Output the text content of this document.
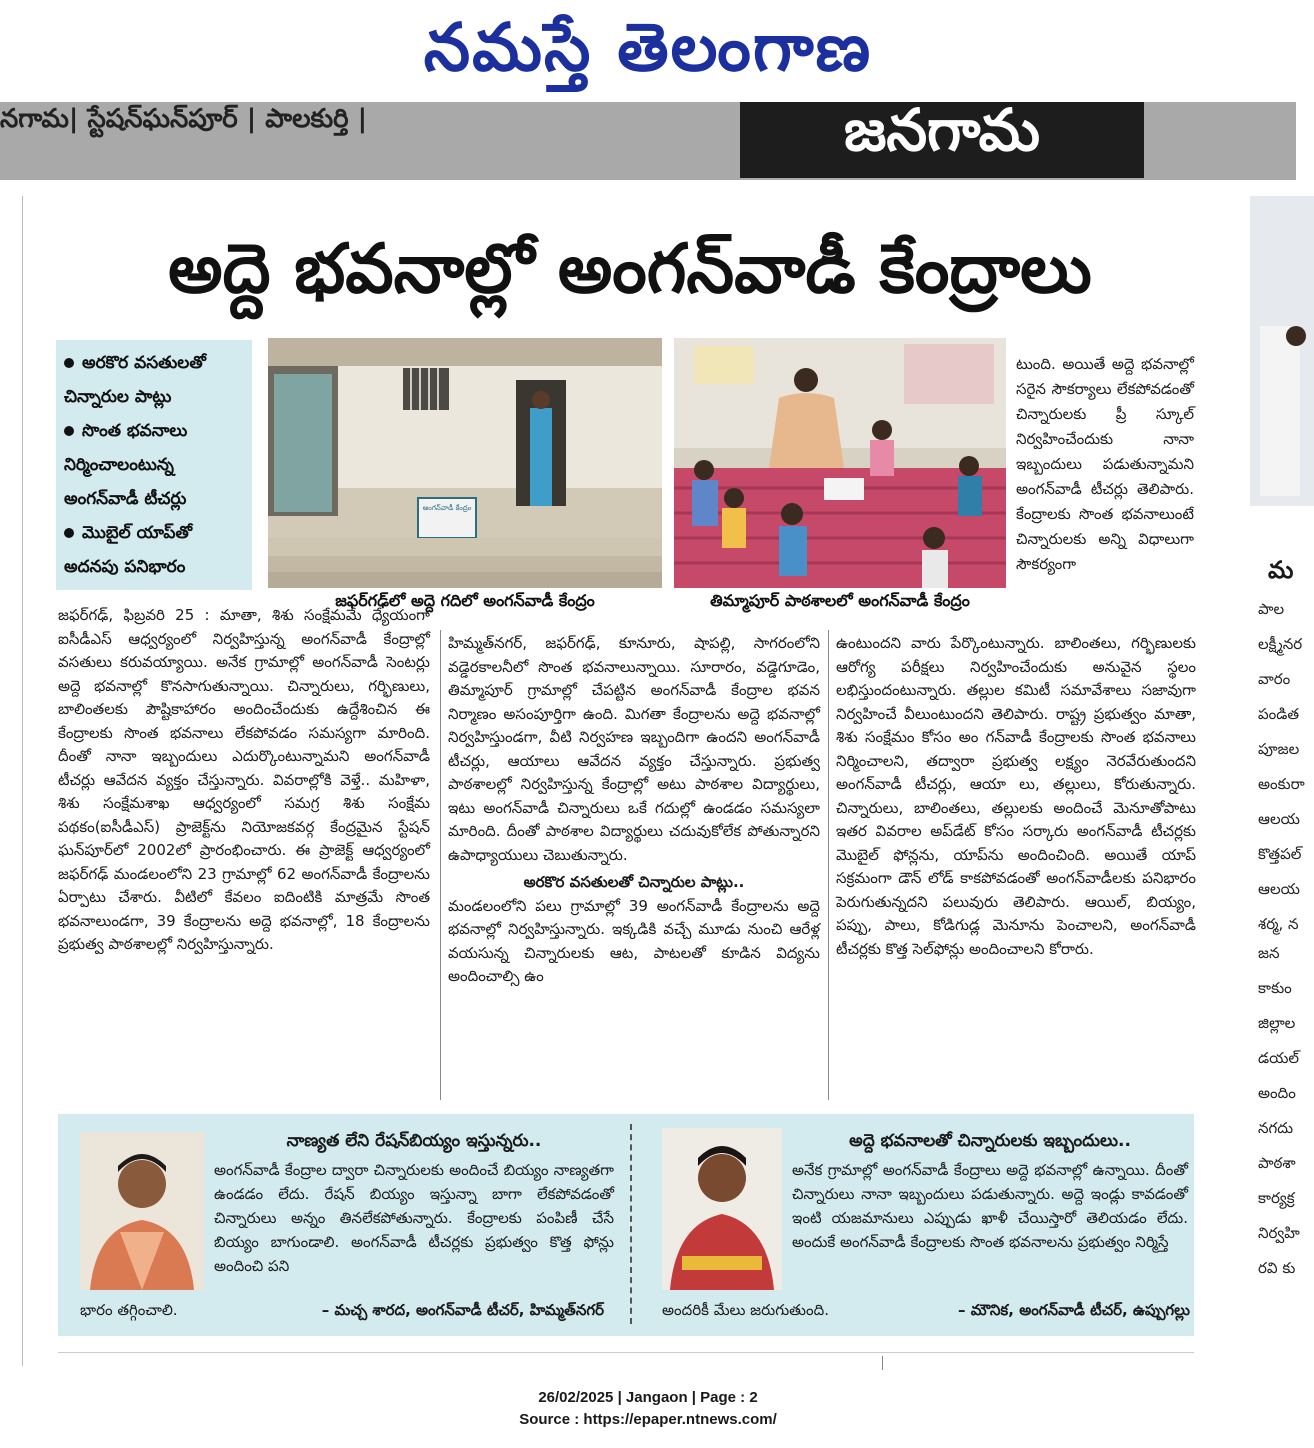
నమస్తే తెలంగాణ
నగామ| స్టేషన్‌ఘన్‌పూర్ | పాలకుర్తి |	జనగామ
అద్దె భవనాల్లో అంగన్‌వాడీ కేంద్రాలు
అరకొర వసతులతో చిన్నారుల పాట్లు
సొంత భవనాలు నిర్మించాలంటున్న అంగన్‌వాడీ టీచర్లు
మొబైల్ యాప్‌తో అదనపు పనిభారం
అంగన్‌వాడీ కేంద్రం
జఫర్‌గఢ్‌లో అద్దె గదిలో అంగన్‌వాడీ కేంద్రం	తిమ్మాపూర్ పాఠశాలలో అంగన్‌వాడీ కేంద్రం

టుంది. అయితే అద్దె భవనాల్లో సరైన సౌకర్యాలు లేకపోవడంతో చిన్నారులకు ప్రీ స్కూల్ నిర్వహించేందుకు నానా ఇబ్బందులు పడుతున్నామని అంగన్‌వాడీ టీచర్లు తెలిపారు. కేంద్రాలకు సొంత భవనాలుంటే చిన్నారులకు అన్ని విధాలుగా సౌకర్యంగా

జఫర్‌గఢ్, ఫిబ్రవరి 25 : మాతా, శిశు సంక్షేమమే ధ్యేయంగా ఐసీడీఎస్ ఆధ్వర్యంలో నిర్వహిస్తున్న అంగన్‌వాడీ కేంద్రాల్లో వసతులు కరువయ్యాయి. అనేక గ్రామాల్లో అంగన్‌వాడీ సెంటర్లు అద్దె భవనాల్లో కొనసాగుతున్నాయి. చిన్నారులు, గర్భిణులు, బాలింతలకు పౌష్టికాహారం అందించేందుకు ఉద్దేశించిన ఈ కేంద్రాలకు సొంత భవనాలు లేకపోవడం సమస్యగా మారింది. దీంతో నానా ఇబ్బందులు ఎదుర్కొంటున్నామని అంగన్‌వాడీ టీచర్లు ఆవేదన వ్యక్తం చేస్తున్నారు. వివరాల్లోకి వెళ్తే.. మహిళా, శిశు సంక్షేమశాఖ ఆధ్వర్యంలో సమగ్ర శిశు సంక్షేమ పథకం(ఐసీడీఎస్) ప్రాజెక్ట్‌ను నియోజకవర్గ కేంద్రమైన స్టేషన్ ఘన్‌పూర్‌లో 2002లో ప్రారంభించారు. ఈ ప్రాజెక్ట్ ఆధ్వర్యంలో జఫర్‌గఢ్ మండలంలోని 23 గ్రామాల్లో 62 అంగన్‌వాడీ కేంద్రాలను ఏర్పాటు చేశారు. వీటిలో కేవలం ఐదింటికి మాత్రమే సొంత భవనాలుండగా, 39 కేంద్రాలను అద్దె భవనాల్లో, 18 కేంద్రాలను ప్రభుత్వ పాఠశాలల్లో నిర్వహిస్తున్నారు.

హిమ్మత్‌నగర్, జఫర్‌గఢ్, కూనూరు, షాపల్లి, సాగరంలోని వడ్డెరకాలనీలో సొంత భవనాలున్నాయి. సూరారం, వడ్డెగూడెం, తిమ్మాపూర్ గ్రామాల్లో చేపట్టిన అంగన్‌వాడీ కేంద్రాల భవన నిర్మాణం అసంపూర్తిగా ఉంది. మిగతా కేంద్రాలను అద్దె భవనాల్లో నిర్వహిస్తుండగా, వీటి నిర్వహణ ఇబ్బందిగా ఉందని అంగన్‌వాడీ టీచర్లు, ఆయాలు ఆవేదన వ్యక్తం చేస్తున్నారు. ప్రభుత్వ పాఠశాలల్లో నిర్వహిస్తున్న కేంద్రాల్లో అటు పాఠశాల విద్యార్థులు, ఇటు అంగన్‌వాడీ చిన్నారులు ఒకే గదుల్లో ఉండడం సమస్యలా మారింది. దీంతో పాఠశాల విద్యార్థులు చదువుకోలేక పోతున్నారని ఉపాధ్యాయులు చెబుతున్నారు.

అరకొర వసతులతో చిన్నారుల పాట్లు..

మండలంలోని పలు గ్రామాల్లో 39 అంగన్‌వాడీ కేంద్రాలను అద్దె భవనాల్లో నిర్వహిస్తున్నారు. ఇక్కడికి వచ్చే మూడు నుంచి ఆరేళ్ల వయసున్న చిన్నారులకు ఆట, పాటలతో కూడిన విద్యను అందించాల్సి ఉం

ఉంటుందని వారు పేర్కొంటున్నారు. బాలింతలు, గర్భిణులకు ఆరోగ్య పరీక్షలు నిర్వహించేందుకు అనువైన స్థలం లభిస్తుందంటున్నారు. తల్లుల కమిటీ సమావేశాలు సజావుగా నిర్వహించే వీలుంటుందని తెలిపారు. రాష్ట్ర ప్రభుత్వం మాతా, శిశు సంక్షేమం కోసం అం గన్‌వాడీ కేంద్రాలకు సొంత భవనాలు నిర్మించాలని, తద్వారా ప్రభుత్వ లక్ష్యం నెరవేరుతుందని అంగన్‌వాడీ టీచర్లు, ఆయా లు, తల్లులు, కోరుతున్నారు. చిన్నారులు, బాలింతలు, తల్లులకు అందించే మెనూతోపాటు ఇతర వివరాల అప్‌డేట్ కోసం సర్కారు అంగన్‌వాడీ టీచర్లకు మొబైల్ ఫోన్లను, యాప్‌ను అందించింది. అయితే యాప్ సక్రమంగా డౌన్ లోడ్ కాకపోవడంతో అంగన్‌వాడీలకు పనిభారం పెరుగుతున్నదని పలువురు తెలిపారు. ఆయిల్, బియ్యం, పప్పు, పాలు, కోడిగుడ్ల మెనూను పెంచాలని, అంగన్‌వాడీ టీచర్లకు కొత్త సెల్‌ఫోన్లు అందించాలని కోరారు.

నాణ్యత లేని రేషన్‌బియ్యం ఇస్తున్నరు..
అంగన్‌వాడీ కేంద్రాల ద్వారా చిన్నారులకు అందించే బియ్యం నాణ్యతగా ఉండడం లేదు. రేషన్ బియ్యం ఇస్తున్నా బాగా లేకపోవడంతో చిన్నారులు అన్నం తినలేకపోతున్నారు. కేంద్రాలకు పంపిణీ చేసే బియ్యం బాగుండాలి. అంగన్‌వాడీ టీచర్లకు ప్రభుత్వం కొత్త ఫోన్లు అందించి పని
భారం తగ్గించాలి.	– మచ్చ శారద, అంగన్‌వాడీ టీచర్, హిమ్మత్‌నగర్
అద్దె భవనాలతో చిన్నారులకు ఇబ్బందులు..
అనేక గ్రామాల్లో అంగన్‌వాడీ కేంద్రాలు అద్దె భవనాల్లో ఉన్నాయి. దీంతో చిన్నారులు నానా ఇబ్బందులు పడుతున్నారు. అద్దె ఇండ్లు కావడంతో ఇంటి యజమానులు ఎప్పుడు ఖాళీ చేయిస్తారో తెలియడం లేదు. అందుకే అంగన్‌వాడీ కేంద్రాలకు సొంత భవనాలను ప్రభుత్వం నిర్మిస్తే
అందరికీ మేలు జరుగుతుంది.	– మౌనిక, అంగన్‌వాడీ టీచర్, ఉప్పుగల్లు
మ
పాల
లక్ష్మీనర
వారం
పండిత
పూజల
అంకురా
ఆలయ
కొత్తపల్
ఆలయ
శర్మ, న
జన
కాకుం
జిల్లాల
డయల్
అందిం
నగదు
పాఠశా
కార్యక్ర
నిర్వహి
రవి కు
26/02/2025 | Jangaon | Page : 2
Source : https://epaper.ntnews.com/
